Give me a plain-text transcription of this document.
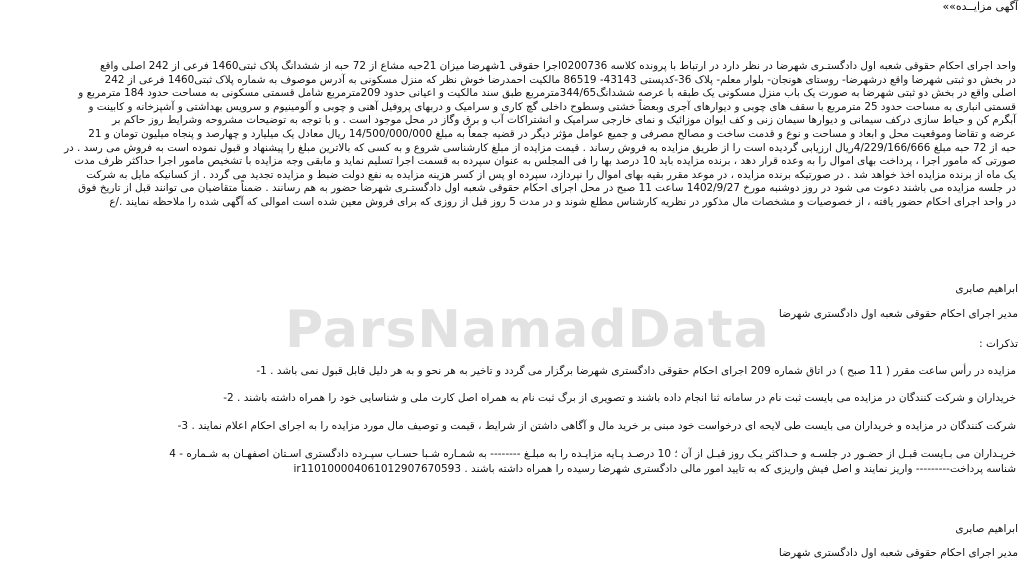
آگهی مزایــده»»
ParsNamadData

واحد اجرای احکام حقوقی شعبه اول دادگستـری شهرضا در نظر دارد در ارتباط با پرونده کلاسه 0200736اجرا حقوقی 1شهرضا میزان 21حبه مشاع از 72 حبه از ششدانگ پلاک ثبتی1460 فرعی از 242 اصلی واقع

در بخش دو ثبتی شهرضا واقع درشهرضا- روستای هونجان- بلوار معلم- پلاک 36-کدپستی 43143- 86519 مالکیت احمدرضا خوش نظر که منزل مسکونی به آدرس موصوف به شماره پلاک ثبتی1460 فرعی از 242

اصلی واقع در بخش دو ثبتی شهرضا به صورت یک باب منزل مسکونی یک طبقه با عرصه ششدانگ344/65مترمربع طبق سند مالکیت و اعیانی حدود 209مترمربع شامل قسمتی مسکونی به مساحت حدود 184 مترمربع و

قسمتی انباری به مساحت حدود 25 مترمربع با سقف های چوبی و دیوارهای آجری وبعضاً خشتی وسطوح داخلی گچ کاری و سرامیک و دربهای پروفیل آهنی و چوبی و آلومینیوم و سرویس بهداشتی و آشپزخانه و کابینت و

آبگرم کن و حیاط سازی درکف سیمانی و دیوارها سیمان زنی و کف ایوان موزائیک و نمای خارجی سرامیک و انشتراکات آب و برق وگاز در محل موجود است . و با توجه به توضیحات مشروحه وشرایط روز حاکم بر

عرضه و تقاضا وموقعیت محل و ابعاد و مساحت و نوع و قدمت ساخت و مصالح مصرفی و جمیع عوامل مؤثر دیگر در قضیه جمعاً به مبلغ 14/500/000/000 ریال معادل یک میلیارد و چهارصد و پنجاه میلیون تومان و 21

حبه از 72 حبه مبلغ 4/229/166/666ریال ارزیابی گردیده است را از طریق مزایده به فروش رساند . قیمت مزایده از مبلغ کارشناسی شروع و به کسی که بالاترین مبلغ را پیشنهاد و قبول نموده است به فروش می رسد . در

صورتی که مامور اجرا ، پرداخت بهای اموال را به وعده قرار دهد ، برنده مزایده باید 10 درصد بها را فی المجلس به عنوان سپرده به قسمت اجرا تسلیم نماید و مابقی وجه مزایده با تشخیص مامور اجرا حداکثر ظرف مدت

یک ماه از برنده مزایده اخذ خواهد شد . در صورتیکه برنده مزایده ، در موعد مقرر بقیه بهای اموال را نپردازد، سپرده او پس از کسر هزینه مزایده به نفع دولت ضبط و مزایده تجدید می گردد . از کسانیکه مایل به شرکت

در جلسه مزایده می باشند دعوت می شود در روز دوشنبه مورخ 1402/9/27 ساعت 11 صبح در محل اجرای احکام حقوقی شعبه اول دادگستـری شهرضا حضور به هم رسانند . ضمناً متقاضیان می توانند قبل از تاریخ فوق

در واحد اجرای احکام حضور یافته ، از خصوصیات و مشخصات مال مذکور در نظریه کارشناس مطلع شوند و در مدت 5 روز قبل از روزی که برای فروش معین شده است اموالی که آگهی شده را ملاحظه نمایند ./ع

ابراهیم صابری
مدیر اجرای احکام حقوقی شعبه اول دادگستری شهرضا
تذکرات :
مزایده در رأس ساعت مقرر ( 11 صبح ) در اتاق شماره 209 اجرای احکام حقوقی دادگستری شهرضا برگزار می گردد و تاخیر به هر نحو و به هر دلیل قابل قبول نمی باشد . 1-
خریداران و شرکت کنندگان در مزایده می بایست ثبت نام در سامانه ثنا انجام داده باشند و تصویری از برگ ثبت نام به همراه اصل کارت ملی و شناسایی خود را همراه داشته باشند . 2-
شرکت کنندگان در مزایده و خریداران می بایست طی لایحه ای درخواست خود مبنی بر خرید مال و آگاهی داشتن از شرایط ، قیمت و توصیف مال مورد مزایده را به اجرای احکام اعلام نمایند . 3-
خریـداران می بـایست قبـل از حضـور در جلسـه و حـداکثر یـک روز قبـل از آن ؛ 10 درصـد پـایه مزایـده را به مبلـغ -------- به شمـاره شـبا حسـاب سپـرده دادگستری اسـتان اصفهـان به شـماره - 4
شناسه پرداخت--------- واریز نمایند و اصل فیش واریزی که به تایید امور مالی دادگستری شهرضا رسیده را همراه داشته باشند . ir110100004061012907670593
ابراهیم صابری
مدیر اجرای احکام حقوقی شعبه اول دادگستری شهرضا
